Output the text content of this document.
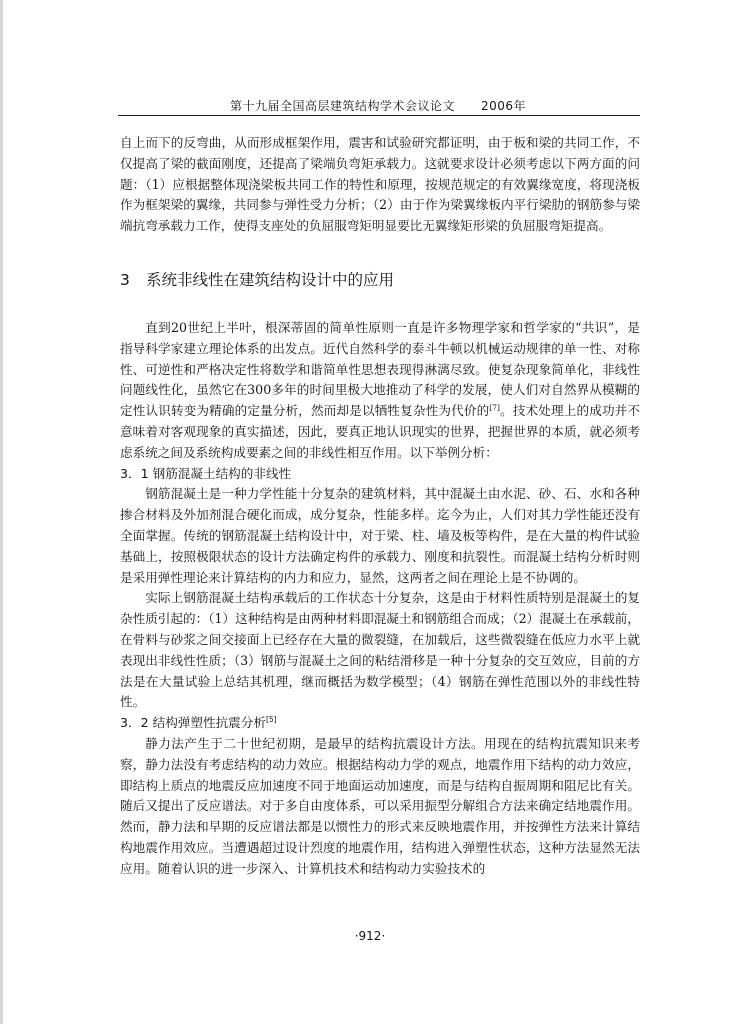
第十九届全国高层建筑结构学术会议论文 2006年

自上而下的反弯曲，从而形成框架作用，震害和试验研究都证明，由于板和梁的共同工作，不仅提高了梁的截面刚度，还提高了梁端负弯矩承载力。这就要求设计必须考虑以下两方面的问题：（1）应根据整体现浇梁板共同工作的特性和原理，按规范规定的有效翼缘宽度，将现浇板作为框架梁的翼缘，共同参与弹性受力分析；（2）由于作为梁翼缘板内平行梁肋的钢筋参与梁端抗弯承载力工作，使得支座处的负屈服弯矩明显要比无翼缘矩形梁的负屈服弯矩提高。

3 系统非线性在建筑结构设计中的应用

直到20世纪上半叶，根深蒂固的简单性原则一直是许多物理学家和哲学家的“共识”，是指导科学家建立理论体系的出发点。近代自然科学的泰斗牛顿以机械运动规律的单一性、对称性、可逆性和严格决定性将数学和谐简单性思想表现得淋漓尽致。使复杂现象简单化，非线性问题线性化，虽然它在300多年的时间里极大地推动了科学的发展，使人们对自然界从模糊的定性认识转变为精确的定量分析，然而却是以牺牲复杂性为代价的[7]。技术处理上的成功并不意味着对客观现象的真实描述，因此，要真正地认识现实的世界，把握世界的本质，就必须考虑系统之间及系统构成要素之间的非线性相互作用。以下举例分析：

3．1 钢筋混凝土结构的非线性

钢筋混凝土是一种力学性能十分复杂的建筑材料，其中混凝土由水泥、砂、石、水和各种掺合材料及外加剂混合硬化而成，成分复杂，性能多样。迄今为止，人们对其力学性能还没有全面掌握。传统的钢筋混凝土结构设计中，对于梁、柱、墙及板等构件，是在大量的构件试验基础上，按照极限状态的设计方法确定构件的承载力、刚度和抗裂性。而混凝土结构分析时则是采用弹性理论来计算结构的内力和应力，显然，这两者之间在理论上是不协调的。

实际上钢筋混凝土结构承载后的工作状态十分复杂，这是由于材料性质特别是混凝土的复杂性质引起的：（1）这种结构是由两种材料即混凝土和钢筋组合而成；（2）混凝土在承载前，在骨料与砂浆之间交接面上已经存在大量的微裂缝，在加载后，这些微裂缝在低应力水平上就表现出非线性性质；（3）钢筋与混凝土之间的粘结滑移是一种十分复杂的交互效应，目前的方法是在大量试验上总结其机理，继而概括为数学模型；（4）钢筋在弹性范围以外的非线性特性。

3．2 结构弹塑性抗震分析[5]

静力法产生于二十世纪初期，是最早的结构抗震设计方法。用现在的结构抗震知识来考察，静力法没有考虑结构的动力效应。根据结构动力学的观点，地震作用下结构的动力效应，即结构上质点的地震反应加速度不同于地面运动加速度，而是与结构自振周期和阻尼比有关。随后又提出了反应谱法。对于多自由度体系，可以采用振型分解组合方法来确定结地震作用。然而，静力法和早期的反应谱法都是以惯性力的形式来反映地震作用，并按弹性方法来计算结构地震作用效应。当遭遇超过设计烈度的地震作用，结构进入弹塑性状态，这种方法显然无法应用。随着认识的进一步深入、计算机技术和结构动力实验技术的

·912·
